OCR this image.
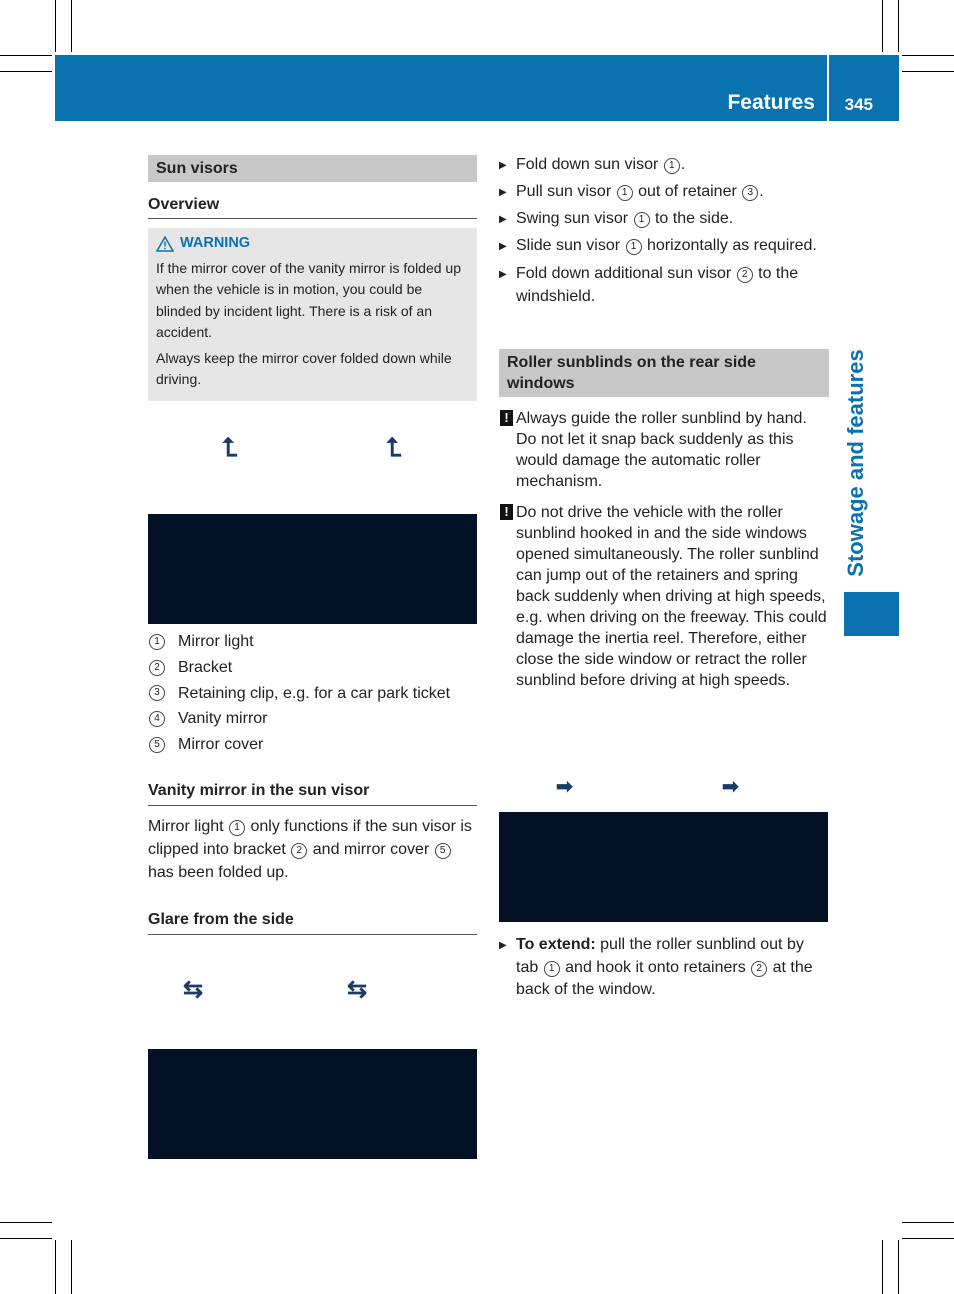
Features 345
Stowage and features
Sun visors
Overview
WARNING

If the mirror cover of the vanity mirror is folded up when the vehicle is in motion, you could be blinded by incident light. There is a risk of an accident.

Always keep the mirror cover folded down while driving.

⮤	⮤
1	Mirror light
2	Bracket
3	Retaining clip, e.g. for a car park ticket
4	Vanity mirror
5	Mirror cover
Vanity mirror in the sun visor

Mirror light 1 only functions if the sun visor is clipped into bracket 2 and mirror cover 5 has been folded up.

Glare from the side
⇆	⇆
▶ Fold down sun visor 1 .
▶ Pull sun visor 1 out of retainer 3 .
▶ Swing sun visor 1 to the side.
▶ Slide sun visor 1 horizontally as required.
▶ Fold down additional sun visor 2 to the windshield.
Roller sunblinds on the rear side windows
! Always guide the roller sunblind by hand. Do not let it snap back suddenly as this would damage the automatic roller mechanism.
! Do not drive the vehicle with the roller sunblind hooked in and the side windows opened simultaneously. The roller sunblind can jump out of the retainers and spring back suddenly when driving at high speeds, e.g. when driving on the freeway. This could damage the inertia reel. Therefore, either close the side window or retract the roller sunblind before driving at high speeds.
➡	➡
▶ To extend: pull the roller sunblind out by tab 1 and hook it onto retainers 2 at the back of the window.
